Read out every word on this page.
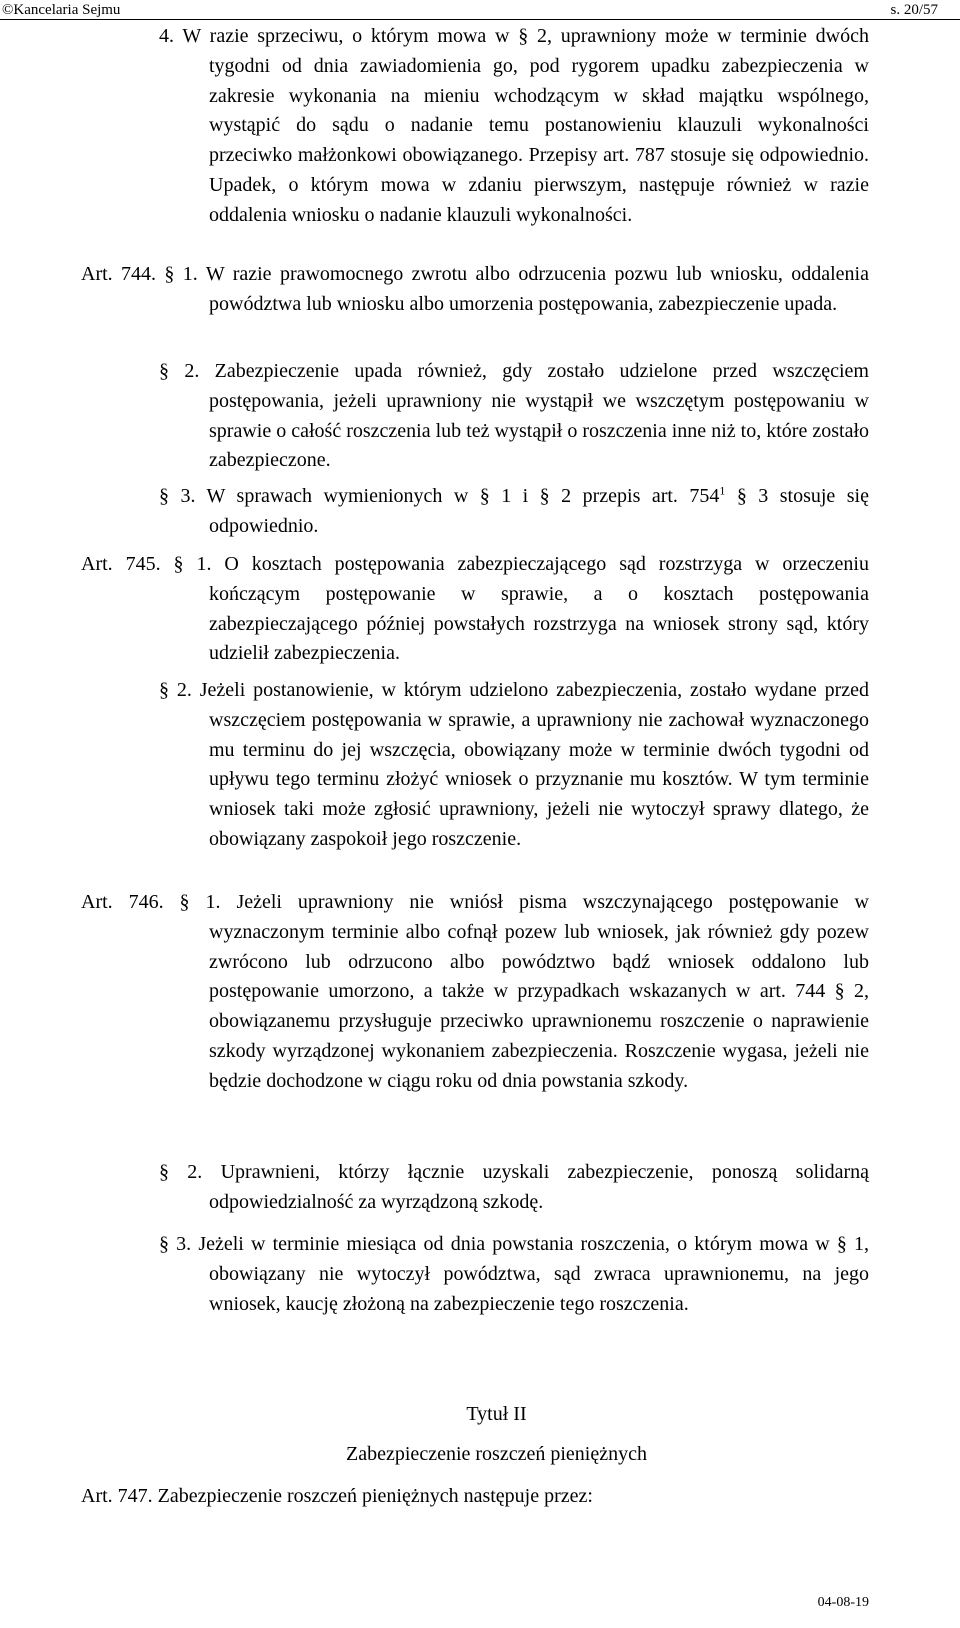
©Kancelaria Sejmu	s. 20/57

4. W razie sprzeciwu, o którym mowa w § 2, uprawniony może w terminie dwóch tygodni od dnia zawiadomienia go, pod rygorem upadku zabezpieczenia w zakresie wykonania na mieniu wchodzącym w skład majątku wspólnego, wystąpić do sądu o nadanie temu postanowieniu klauzuli wykonalności przeciwko małżonkowi obowiązanego. Przepisy art. 787 stosuje się odpowiednio. Upadek, o którym mowa w zdaniu pierwszym, następuje również w razie oddalenia wniosku o nadanie klauzuli wykonalności.

Art. 744. § 1. W razie prawomocnego zwrotu albo odrzucenia pozwu lub wniosku, oddalenia powództwa lub wniosku albo umorzenia postępowania, zabezpieczenie upada.

§ 2. Zabezpieczenie upada również, gdy zostało udzielone przed wszczęciem postępowania, jeżeli uprawniony nie wystąpił we wszczętym postępowaniu w sprawie o całość roszczenia lub też wystąpił o roszczenia inne niż to, które zostało zabezpieczone.

§ 3. W sprawach wymienionych w § 1 i § 2 przepis art. $754^1$ § 3 stosuje się odpowiednio.

Art. 745. § 1. O kosztach postępowania zabezpieczającego sąd rozstrzyga w orzeczeniu kończącym postępowanie w sprawie, a o kosztach postępowania zabezpieczającego później powstałych rozstrzyga na wniosek strony sąd, który udzielił zabezpieczenia.

§ 2. Jeżeli postanowienie, w którym udzielono zabezpieczenia, zostało wydane przed wszczęciem postępowania w sprawie, a uprawniony nie zachował wyznaczonego mu terminu do jej wszczęcia, obowiązany może w terminie dwóch tygodni od upływu tego terminu złożyć wniosek o przyznanie mu kosztów. W tym terminie wniosek taki może zgłosić uprawniony, jeżeli nie wytoczył sprawy dlatego, że obowiązany zaspokoił jego roszczenie.

Art. 746. § 1. Jeżeli uprawniony nie wniósł pisma wszczynającego postępowanie w wyznaczonym terminie albo cofnął pozew lub wniosek, jak również gdy pozew zwrócono lub odrzucono albo powództwo bądź wniosek oddalono lub postępowanie umorzono, a także w przypadkach wskazanych w art. 744 § 2, obowiązanemu przysługuje przeciwko uprawnionemu roszczenie o naprawienie szkody wyrządzonej wykonaniem zabezpieczenia. Roszczenie wygasa, jeżeli nie będzie dochodzone w ciągu roku od dnia powstania szkody.

§ 2. Uprawnieni, którzy łącznie uzyskali zabezpieczenie, ponoszą solidarną odpowiedzialność za wyrządzoną szkodę.

§ 3. Jeżeli w terminie miesiąca od dnia powstania roszczenia, o którym mowa w § 1, obowiązany nie wytoczył powództwa, sąd zwraca uprawnionemu, na jego wniosek, kaucję złożoną na zabezpieczenie tego roszczenia.

Tytuł II

Zabezpieczenie roszczeń pieniężnych

Art. 747. Zabezpieczenie roszczeń pieniężnych następuje przez:

04-08-19
